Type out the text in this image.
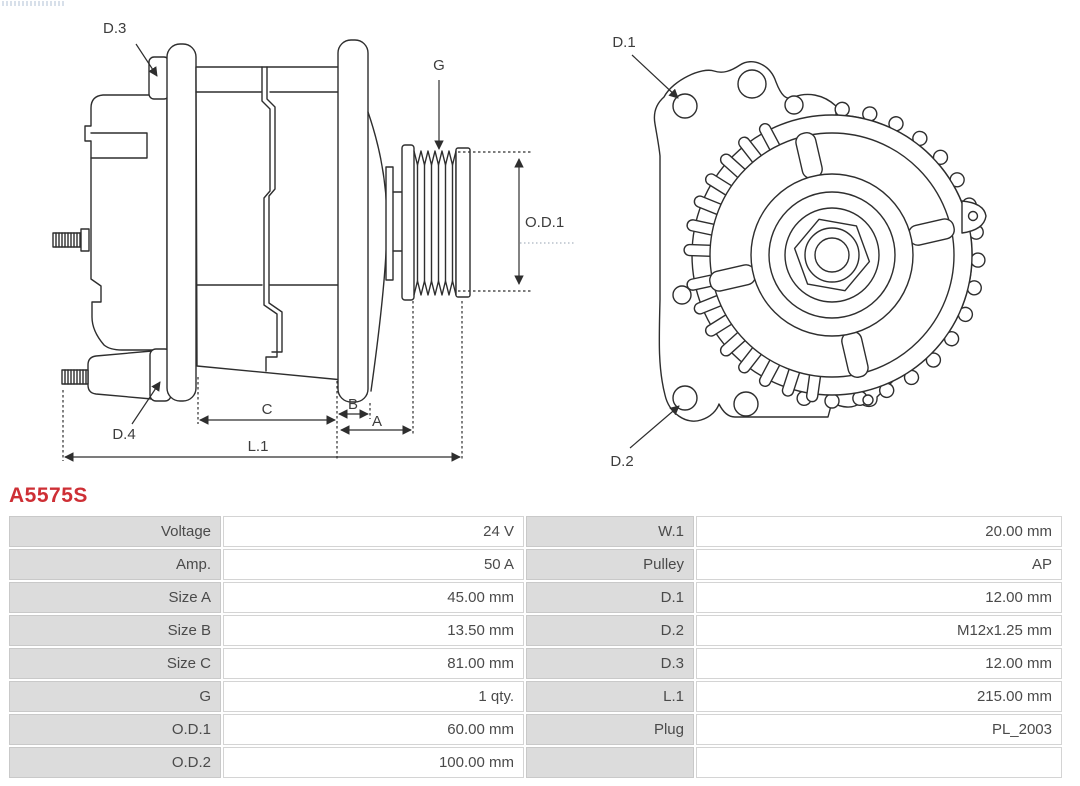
D.3
D.4
G
O.D.1
C	B
A
L.1
D.1
D.2
A5575S
Voltage	24 V	W.1	20.00 mm
Amp.	50 A	Pulley	AP
Size A	45.00 mm	D.1	12.00 mm
Size B	13.50 mm	D.2	M12x1.25 mm
Size C	81.00 mm	D.3	12.00 mm
G	1 qty.	L.1	215.00 mm
O.D.1	60.00 mm	Plug	PL_2003
O.D.2	100.00 mm		
